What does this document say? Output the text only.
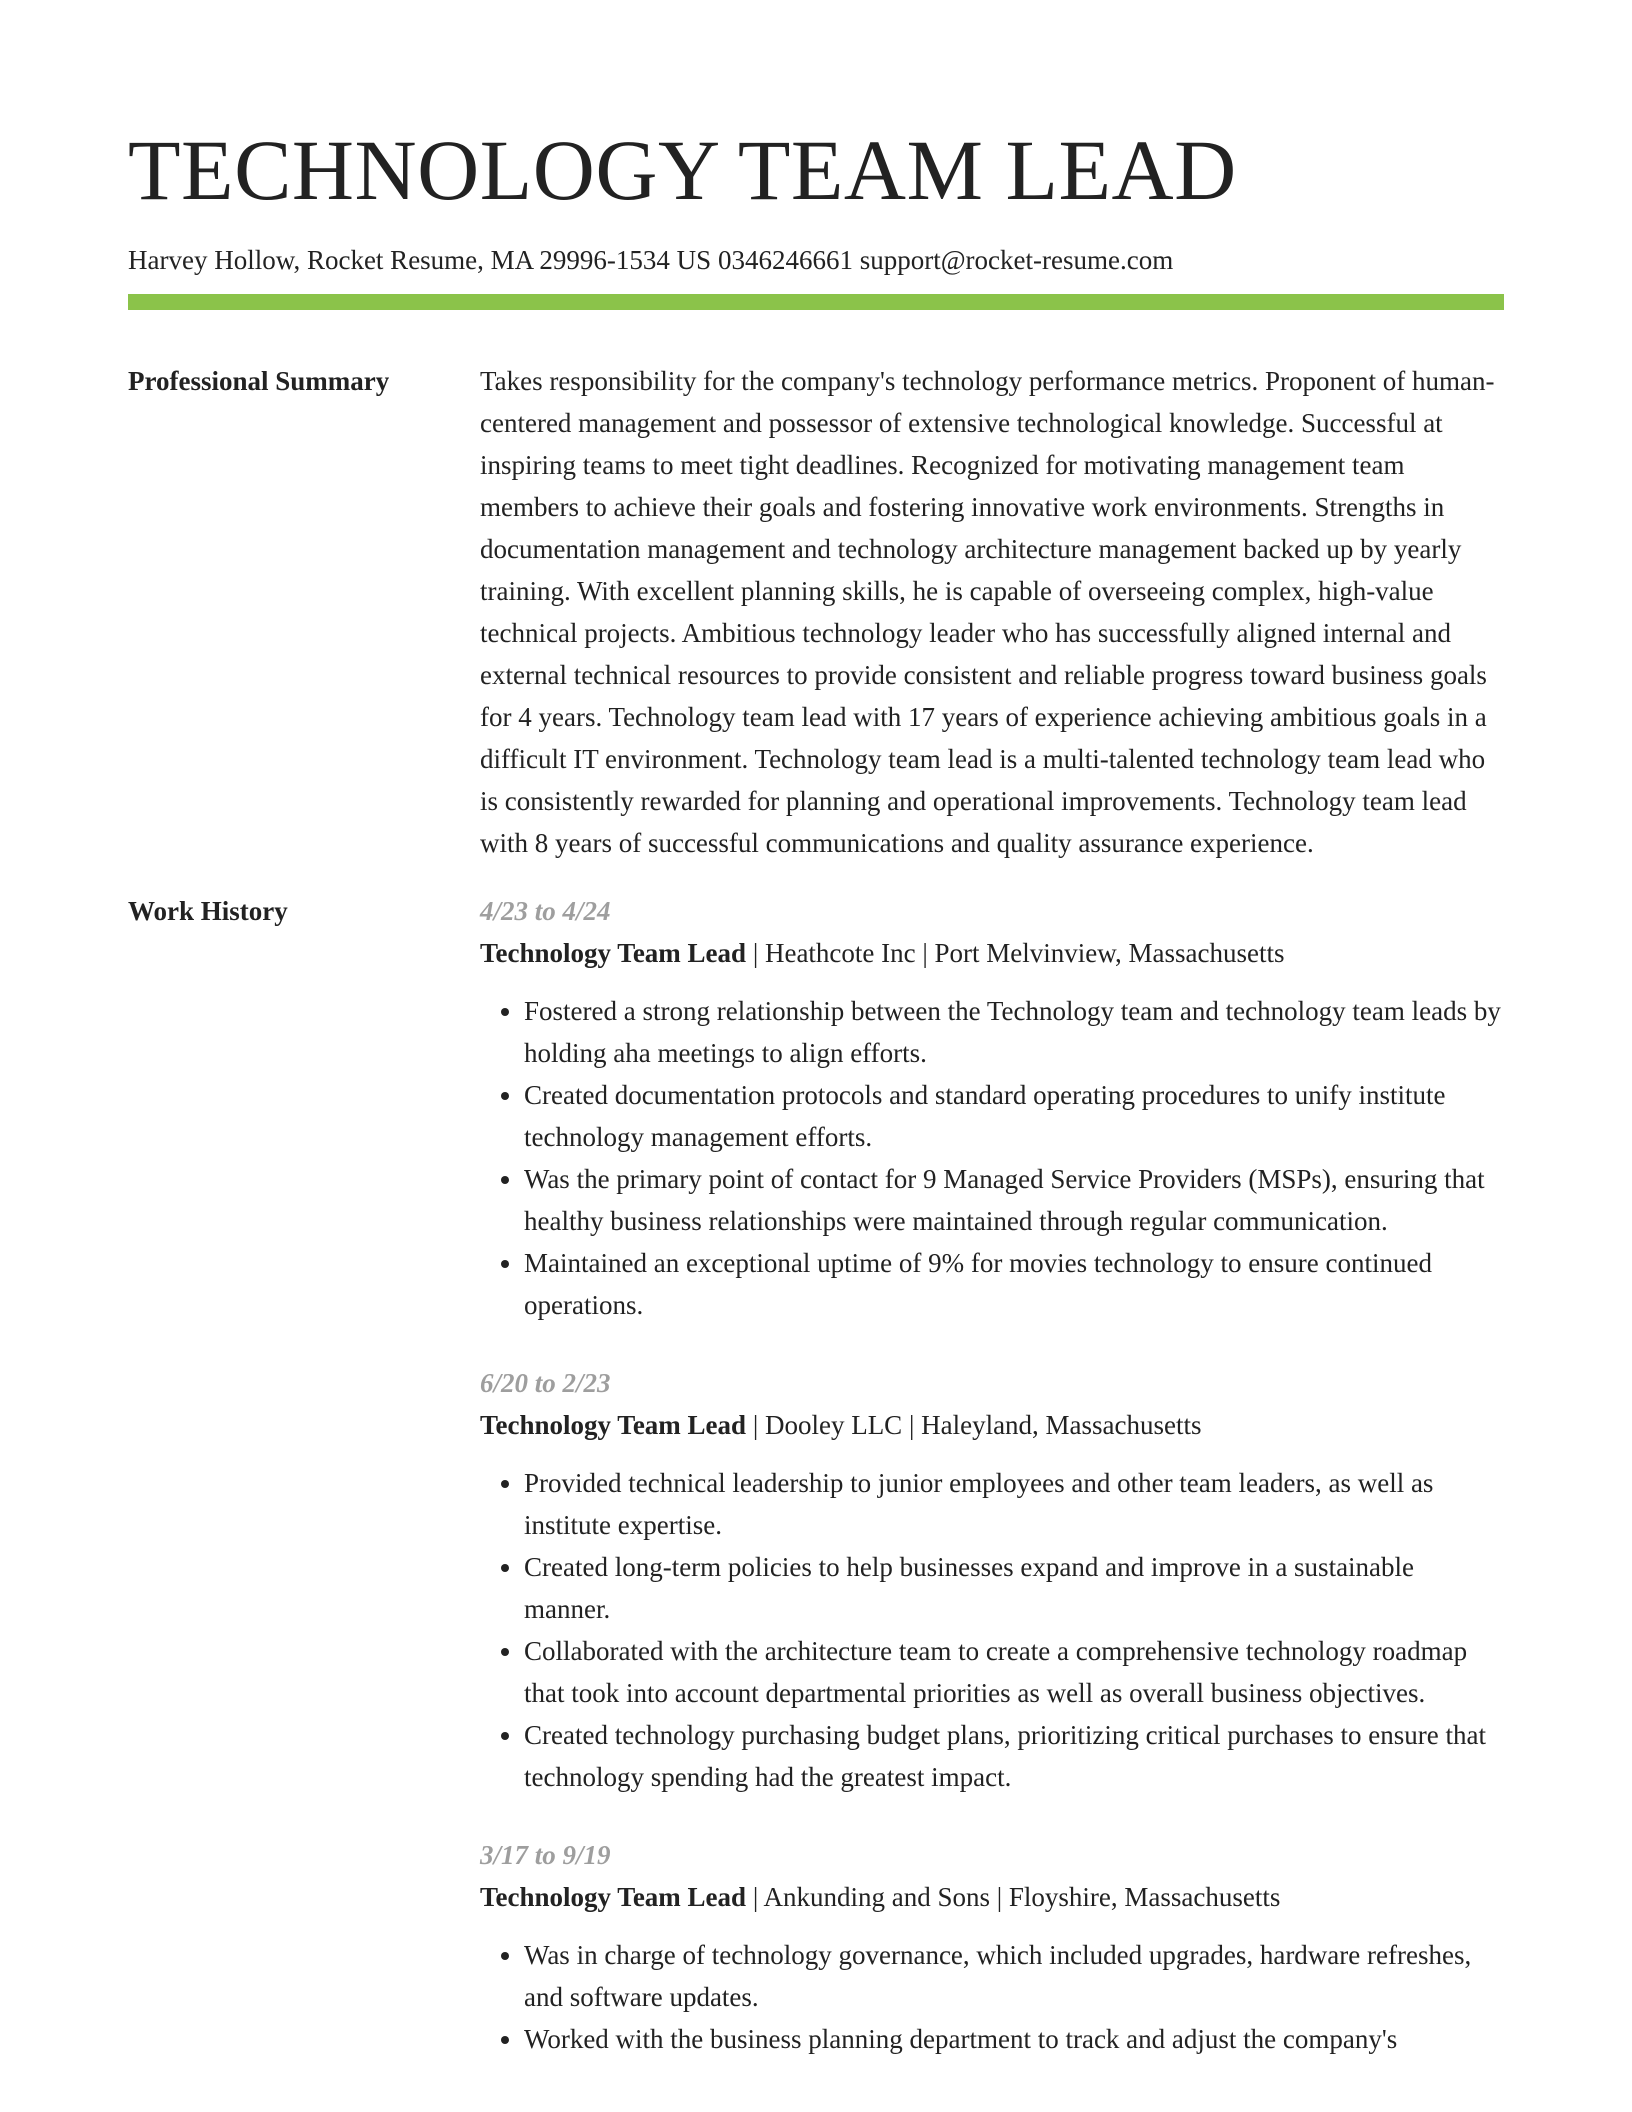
TECHNOLOGY TEAM LEAD
Harvey Hollow, Rocket Resume, MA 29996-1534 US 0346246661 support@rocket-resume.com
Professional Summary	Takes responsibility for the company's technology performance metrics. Proponent of human-centered management and possessor of extensive technological knowledge. Successful at inspiring teams to meet tight deadlines. Recognized for motivating management team members to achieve their goals and fostering innovative work environments. Strengths in documentation management and technology architecture management backed up by yearly training. With excellent planning skills, he is capable of overseeing complex, high-value technical projects. Ambitious technology leader who has successfully aligned internal and external technical resources to provide consistent and reliable progress toward business goals for 4 years. Technology team lead with 17 years of experience achieving ambitious goals in a difficult IT environment. Technology team lead is a multi-talented technology team lead who is consistently rewarded for planning and operational improvements. Technology team lead with 8 years of successful communications and quality assurance experience.

Work History	4/23 to 4/24
Technology Team Lead | Heathcote Inc | Port Melvinview, Massachusetts
• Fostered a strong relationship between the Technology team and technology team leads by holding aha meetings to align efforts.
• Created documentation protocols and standard operating procedures to unify institute technology management efforts.
• Was the primary point of contact for 9 Managed Service Providers (MSPs), ensuring that healthy business relationships were maintained through regular communication.
• Maintained an exceptional uptime of 9% for movies technology to ensure continued operations.
6/20 to 2/23
Technology Team Lead | Dooley LLC | Haleyland, Massachusetts
• Provided technical leadership to junior employees and other team leaders, as well as institute expertise.
• Created long-term policies to help businesses expand and improve in a sustainable manner.
• Collaborated with the architecture team to create a comprehensive technology roadmap that took into account departmental priorities as well as overall business objectives.
• Created technology purchasing budget plans, prioritizing critical purchases to ensure that technology spending had the greatest impact.
3/17 to 9/19
Technology Team Lead | Ankunding and Sons | Floyshire, Massachusetts
• Was in charge of technology governance, which included upgrades, hardware refreshes, and software updates.
• Worked with the business planning department to track and adjust the company's
